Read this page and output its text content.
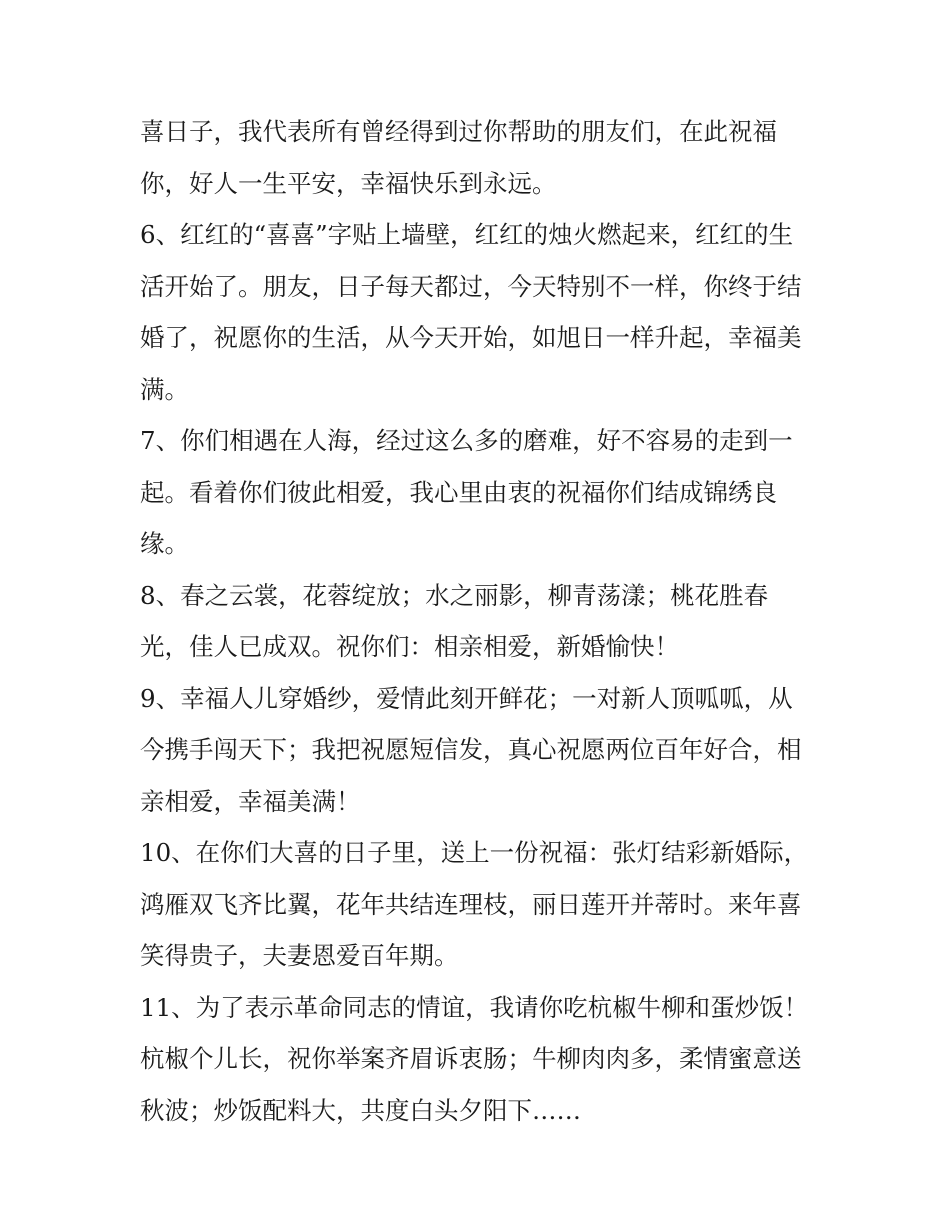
喜日子，我代表所有曾经得到过你帮助的朋友们，在此祝福
你，好人一生平安，幸福快乐到永远。
6、红红的“喜喜”字贴上墙壁，红红的烛火燃起来，红红的生
活开始了。朋友，日子每天都过，今天特别不一样，你终于结
婚了，祝愿你的生活，从今天开始，如旭日一样升起，幸福美
满。
7、你们相遇在人海，经过这么多的磨难，好不容易的走到一
起。看着你们彼此相爱，我心里由衷的祝福你们结成锦绣良
缘。
8、春之云裳，花蓉绽放；水之丽影，柳青荡漾；桃花胜春
光，佳人已成双。祝你们：相亲相爱，新婚愉快！
9、幸福人儿穿婚纱，爱情此刻开鲜花；一对新人顶呱呱，从
今携手闯天下；我把祝愿短信发，真心祝愿两位百年好合，相
亲相爱，幸福美满！
10、在你们大喜的日子里，送上一份祝福：张灯结彩新婚际，
鸿雁双飞齐比翼，花年共结连理枝，丽日莲开并蒂时。来年喜
笑得贵子，夫妻恩爱百年期。
11、为了表示革命同志的情谊，我请你吃杭椒牛柳和蛋炒饭！
杭椒个儿长，祝你举案齐眉诉衷肠；牛柳肉肉多，柔情蜜意送
秋波；炒饭配料大，共度白头夕阳下……
